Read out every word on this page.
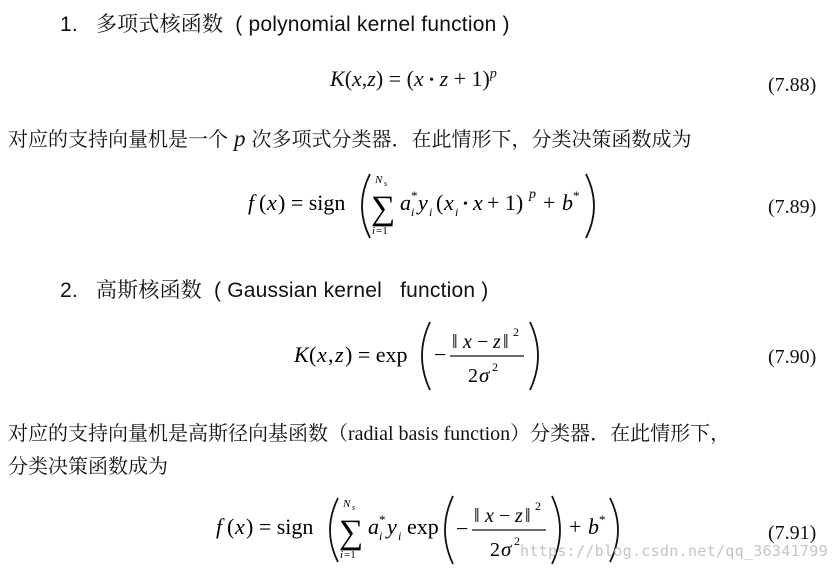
1. 多项式核函数 ( polynomial kernel function )
K(x,z) = (x • z + 1)$^p$	(7.88)
对应的支持向量机是一个 p 次多项式分类器．在此情形下，分类决策函数成为
f ( x ) = sign
N s
∑
i =1
a *
i y i ( x i • x + 1) p + b *
(7.89)
2. 高斯核函数 ( Gaussian kernel   function )
K ( x , z ) = exp − ‖ x − z ‖ 2
2 σ 2	(7.90)
对应的支持向量机是高斯径向基函数（radial basis function）分类器．在此情形下，
分类决策函数成为
f ( x ) = sign
N s
∑
i =1
a *
i y i exp − ‖ x − z ‖ 2
2 σ 2
+ b *
(7.91)
https://blog.csdn.net/qq_36341799
